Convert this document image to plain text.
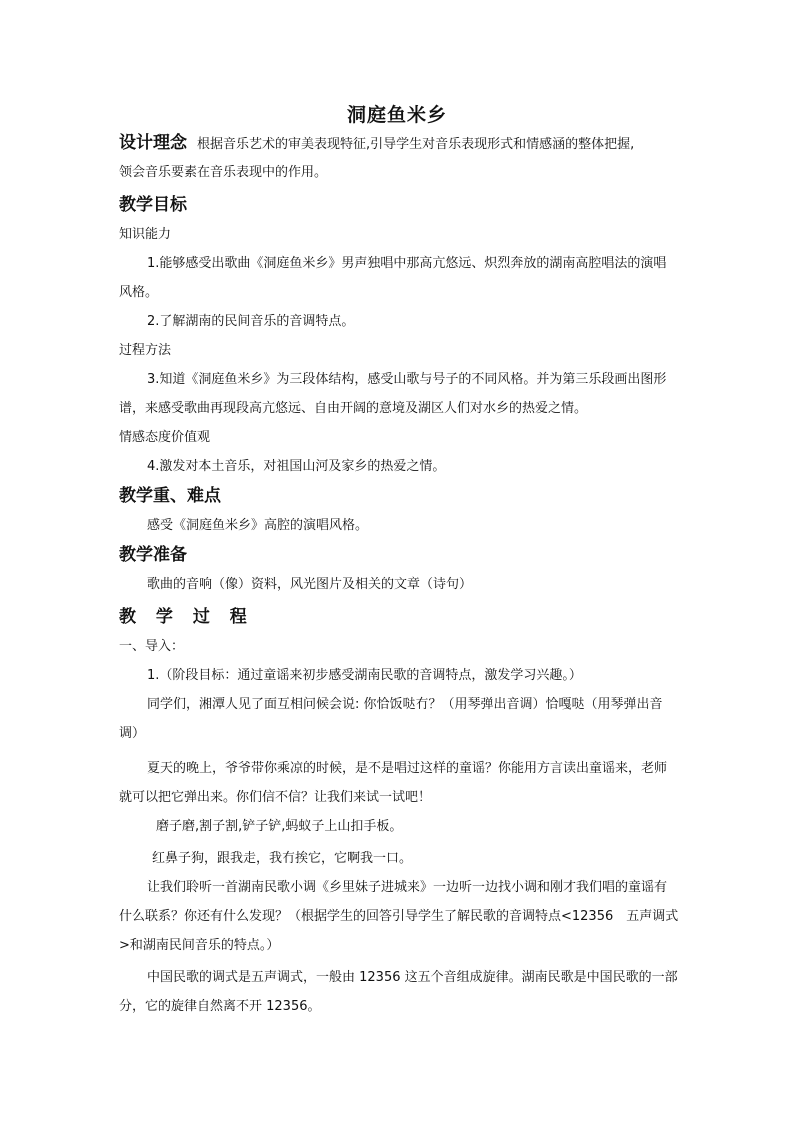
洞庭鱼米乡
设计理念 根据音乐艺术的审美表现特征,引导学生对音乐表现形式和情感涵的整体把握,
领会音乐要素在音乐表现中的作用。
教学目标
知识能力
1.能够感受出歌曲《洞庭鱼米乡》男声独唱中那高亢悠远、炽烈奔放的湖南高腔唱法的演唱风格。
2.了解湖南的民间音乐的音调特点。
过程方法
3.知道《洞庭鱼米乡》为三段体结构，感受山歌与号子的不同风格。并为第三乐段画出图形谱，来感受歌曲再现段高亢悠远、自由开阔的意境及湖区人们对水乡的热爱之情。
情感态度价值观
4.激发对本土音乐，对祖国山河及家乡的热爱之情。
教学重、难点
感受《洞庭鱼米乡》高腔的演唱风格。
教学准备
歌曲的音响（像）资料，风光图片及相关的文章（诗句）
教 学 过 程
一、导入：
1.（阶段目标：通过童谣来初步感受湖南民歌的音调特点，激发学习兴趣。）
同学们，湘潭人见了面互相问候会说: 你恰饭哒冇？（用琴弹出音调）恰嘎哒（用琴弹出音调）
夏天的晚上，爷爷带你乘凉的时候，是不是唱过这样的童谣？你能用方言读出童谣来，老师就可以把它弹出来。你们信不信？让我们来试一试吧！
磨子磨,割子割,铲子铲,蚂蚁子上山扣手板。
红鼻子狗，跟我走，我冇挨它，它啊我一口。
让我们聆听一首湖南民歌小调《乡里妹子进城来》一边听一边找小调和刚才我们唱的童谣有什么联系？你还有什么发现？（根据学生的回答引导学生了解民歌的音调特点<12356　五声调式>和湖南民间音乐的特点。）
中国民歌的调式是五声调式，一般由 12356 这五个音组成旋律。湖南民歌是中国民歌的一部分，它的旋律自然离不开 12356。
